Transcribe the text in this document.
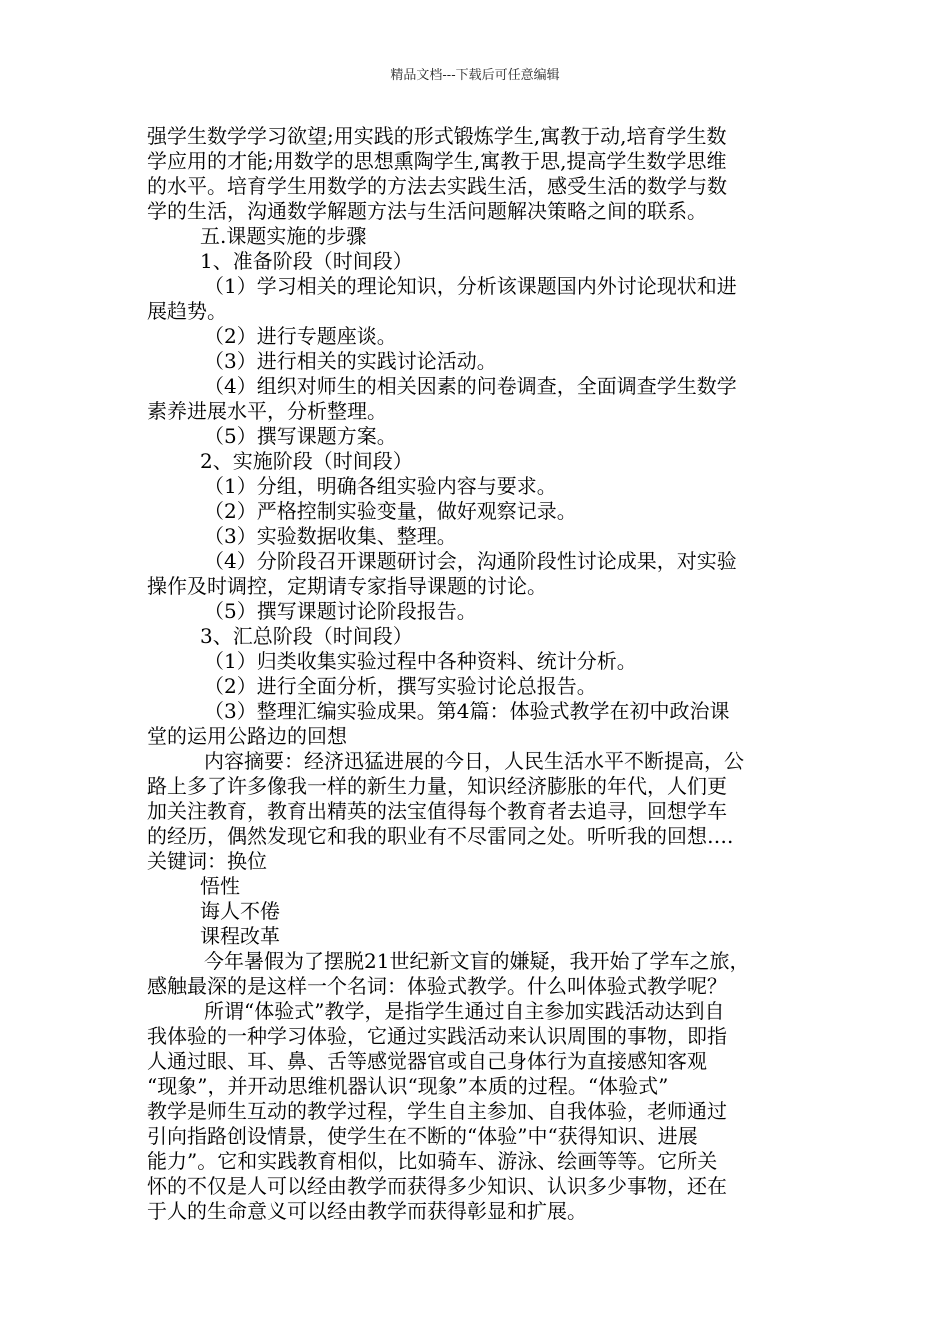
精品文档---下载后可任意编辑
强学生数学学习欲望;用实践的形式锻炼学生,寓教于动,培育学生数
学应用的才能;用数学的思想熏陶学生,寓教于思,提高学生数学思维
的水平。培育学生用数学的方法去实践生活，感受生活的数学与数
学的生活，沟通数学解题方法与生活问题解决策略之间的联系。
五.课题实施的步骤
1、准备阶段（时间段）
（1）学习相关的理论知识，分析该课题国内外讨论现状和进
展趋势。
（2）进行专题座谈。
（3）进行相关的实践讨论活动。
（4）组织对师生的相关因素的问卷调查，全面调查学生数学
素养进展水平，分析整理。
（5）撰写课题方案。
2、实施阶段（时间段）
（1）分组，明确各组实验内容与要求。
（2）严格控制实验变量，做好观察记录。
（3）实验数据收集、整理。
（4）分阶段召开课题研讨会，沟通阶段性讨论成果，对实验
操作及时调控，定期请专家指导课题的讨论。
（5）撰写课题讨论阶段报告。
3、汇总阶段（时间段）
（1）归类收集实验过程中各种资料、统计分析。
（2）进行全面分析，撰写实验讨论总报告。
（3）整理汇编实验成果。第4篇：体验式教学在初中政治课
堂的运用公路边的回想
内容摘要：经济迅猛进展的今日，人民生活水平不断提高，公
路上多了许多像我一样的新生力量，知识经济膨胀的年代，人们更
加关注教育，教育出精英的法宝值得每个教育者去追寻，回想学车
的经历，偶然发现它和我的职业有不尽雷同之处。听听我的回想….
关键词：换位
悟性
诲人不倦
课程改革
今年暑假为了摆脱21世纪新文盲的嫌疑，我开始了学车之旅，
感触最深的是这样一个名词：体验式教学。什么叫体验式教学呢？
所谓“体验式”教学，是指学生通过自主参加实践活动达到自
我体验的一种学习体验，它通过实践活动来认识周围的事物，即指
人通过眼、耳、鼻、舌等感觉器官或自己身体行为直接感知客观
“现象”，并开动思维机器认识“现象”本质的过程。“体验式”
教学是师生互动的教学过程，学生自主参加、自我体验，老师通过
引向指路创设情景，使学生在不断的“体验”中“获得知识、进展
能力”。它和实践教育相似，比如骑车、游泳、绘画等等。它所关
怀的不仅是人可以经由教学而获得多少知识、认识多少事物，还在
于人的生命意义可以经由教学而获得彰显和扩展。
